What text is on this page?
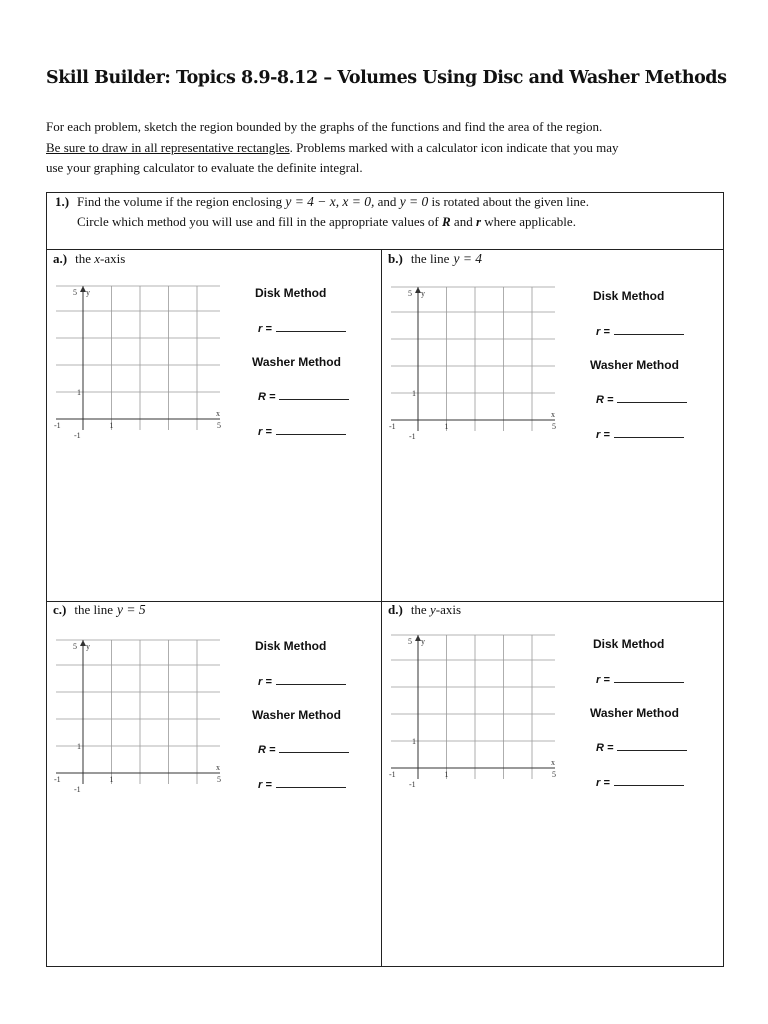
Skill Builder: Topics 8.9-8.12 – Volumes Using Disc and Washer Methods
For each problem, sketch the region bounded by the graphs of the functions and find the area of the region.
Be sure to draw in all representative rectangles. Problems marked with a calculator icon indicate that you may
use your graphing calculator to evaluate the definite integral.
1.) Find the volume if the region enclosing y = 4 − x, x = 0, and y = 0 is rotated about the given line.
Circle which method you will use and fill in the appropriate values of R and r where applicable.
a.) the x-axis	b.) the line y = 4
c.) the line y = 5	d.) the y-axis
5 y
x
1
1
-1
-1
5
Disk Method
r =
Washer Method
R =
r =
5 y
x
1
1
-1
-1
5
Disk Method
r =
Washer Method
R =
r =
5 y
x
1
1
-1
-1
5
Disk Method
r =
Washer Method
R =
r =
5 y
x
1
1
-1
-1
5
Disk Method
r =
Washer Method
R =
r =
